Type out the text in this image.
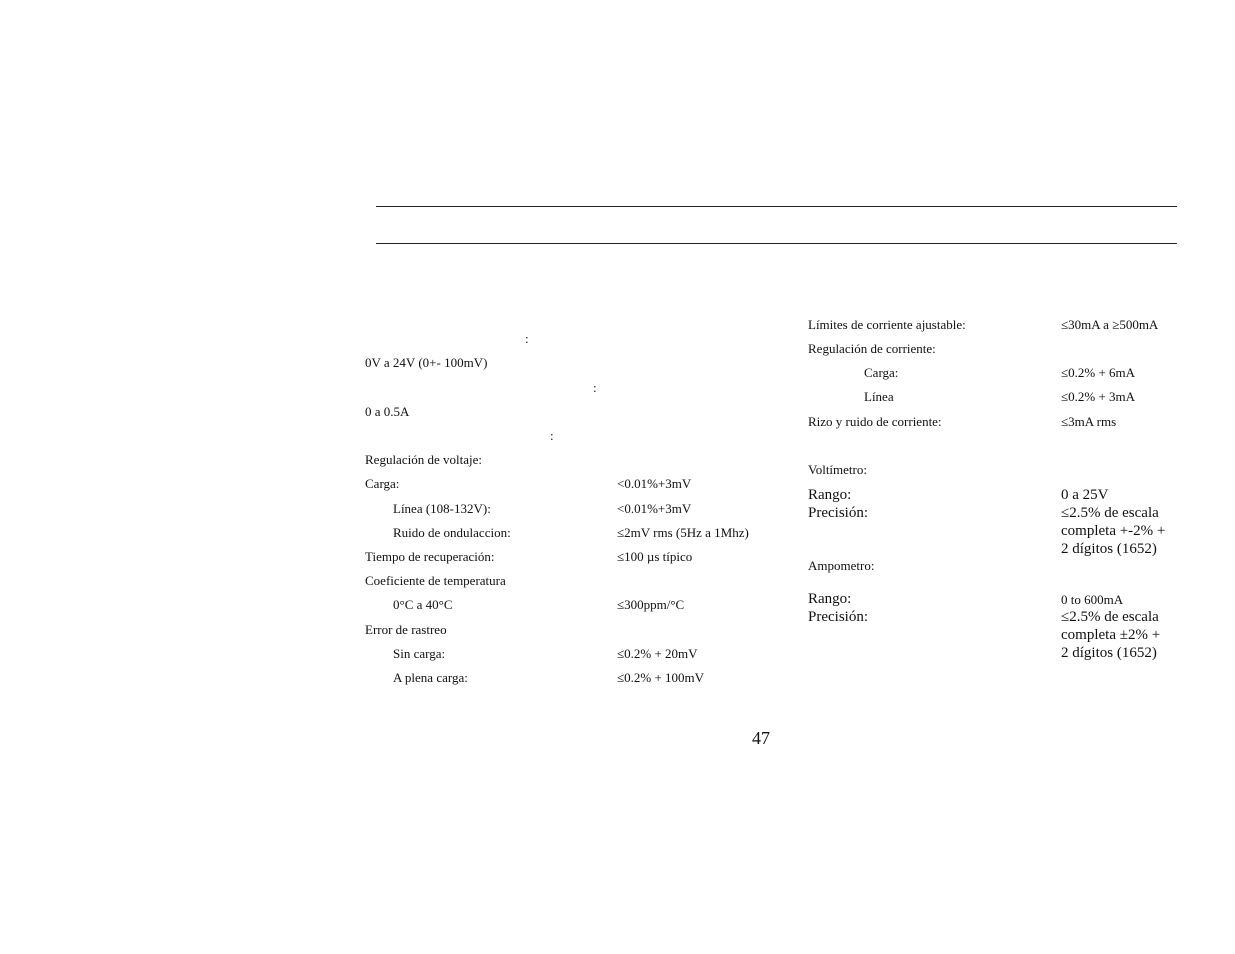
:
0V a 24V (0+- 100mV)
:
0 a 0.5A
:
Regulación de voltaje:
Carga:	<0.01%+3mV
Línea (108-132V):	<0.01%+3mV
Ruido de ondulaccion:	≤2mV rms (5Hz a 1Mhz)
Tiempo de recuperación:	≤100 µs típico
Coeficiente de temperatura
0°C a 40°C	≤300ppm/°C
Error de rastreo
Sin carga:	≤0.2% + 20mV
A plena carga:	≤0.2% + 100mV
Límites de corriente ajustable:	≤30mA a ≥500mA
Regulación de corriente:
Carga:	≤0.2% + 6mA
Línea	≤0.2% + 3mA
Rizo y ruido de corriente:	≤3mA rms
Voltímetro:
Rango:	0 a 25V
Precisión:	≤2.5% de escala
completa +-2% +
2 dígitos (1652)
Ampometro:
Rango:	0 to 600mA
Precisión:	≤2.5% de escala
completa ±2% +
2 dígitos (1652)
47
